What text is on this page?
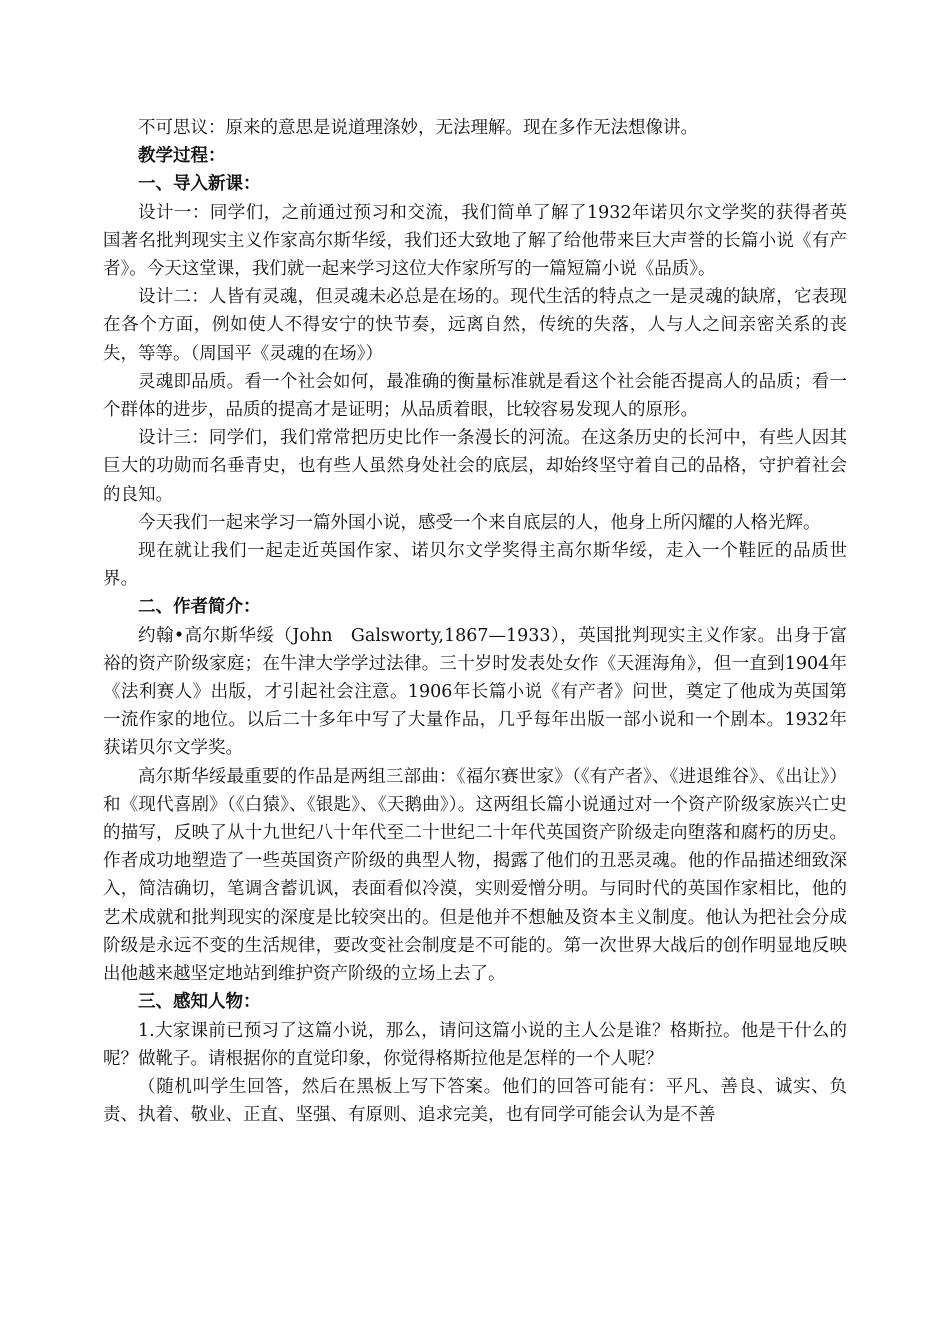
不可思议：原来的意思是说道理涤妙，无法理解。现在多作无法想像讲。

教学过程：

一、导入新课：

设计一：同学们，之前通过预习和交流，我们简单了解了1932年诺贝尔文学奖的获得者英国著名批判现实主义作家高尔斯华绥，我们还大致地了解了给他带来巨大声誉的长篇小说《有产者》。今天这堂课，我们就一起来学习这位大作家所写的一篇短篇小说《品质》。

设计二：人皆有灵魂，但灵魂未必总是在场的。现代生活的特点之一是灵魂的缺席，它表现在各个方面，例如使人不得安宁的快节奏，远离自然，传统的失落，人与人之间亲密关系的丧失，等等。（周国平《灵魂的在场》）

灵魂即品质。看一个社会如何，最准确的衡量标准就是看这个社会能否提高人的品质；看一个群体的进步，品质的提高才是证明；从品质着眼，比较容易发现人的原形。

设计三：同学们，我们常常把历史比作一条漫长的河流。在这条历史的长河中，有些人因其巨大的功勋而名垂青史，也有些人虽然身处社会的底层，却始终坚守着自己的品格，守护着社会的良知。

今天我们一起来学习一篇外国小说，感受一个来自底层的人，他身上所闪耀的人格光辉。

现在就让我们一起走近英国作家、诺贝尔文学奖得主高尔斯华绥，走入一个鞋匠的品质世界。

二、作者简介：

约翰•高尔斯华绥（John　Galsworty,1867—1933），英国批判现实主义作家。出身于富裕的资产阶级家庭；在牛津大学学过法律。三十岁时发表处女作《天涯海角》，但一直到1904年《法利赛人》出版，才引起社会注意。1906年长篇小说《有产者》问世，奠定了他成为英国第一流作家的地位。以后二十多年中写了大量作品，几乎每年出版一部小说和一个剧本。1932年获诺贝尔文学奖。

高尔斯华绥最重要的作品是两组三部曲：《福尔赛世家》（《有产者》、《进退维谷》、《出让》）和《现代喜剧》（《白猿》、《银匙》、《天鹅曲》）。这两组长篇小说通过对一个资产阶级家族兴亡史的描写，反映了从十九世纪八十年代至二十世纪二十年代英国资产阶级走向堕落和腐朽的历史。作者成功地塑造了一些英国资产阶级的典型人物，揭露了他们的丑恶灵魂。他的作品描述细致深入，简洁确切，笔调含蓄讥讽，表面看似冷漠，实则爱憎分明。与同时代的英国作家相比，他的艺术成就和批判现实的深度是比较突出的。但是他并不想触及资本主义制度。他认为把社会分成阶级是永远不变的生活规律，要改变社会制度是不可能的。第一次世界大战后的创作明显地反映出他越来越坚定地站到维护资产阶级的立场上去了。

三、感知人物：

1.大家课前已预习了这篇小说，那么，请问这篇小说的主人公是谁？格斯拉。他是干什么的呢？做靴子。请根据你的直觉印象，你觉得格斯拉他是怎样的一个人呢？

（随机叫学生回答，然后在黑板上写下答案。他们的回答可能有：平凡、善良、诚实、负责、执着、敬业、正直、坚强、有原则、追求完美，也有同学可能会认为是不善
